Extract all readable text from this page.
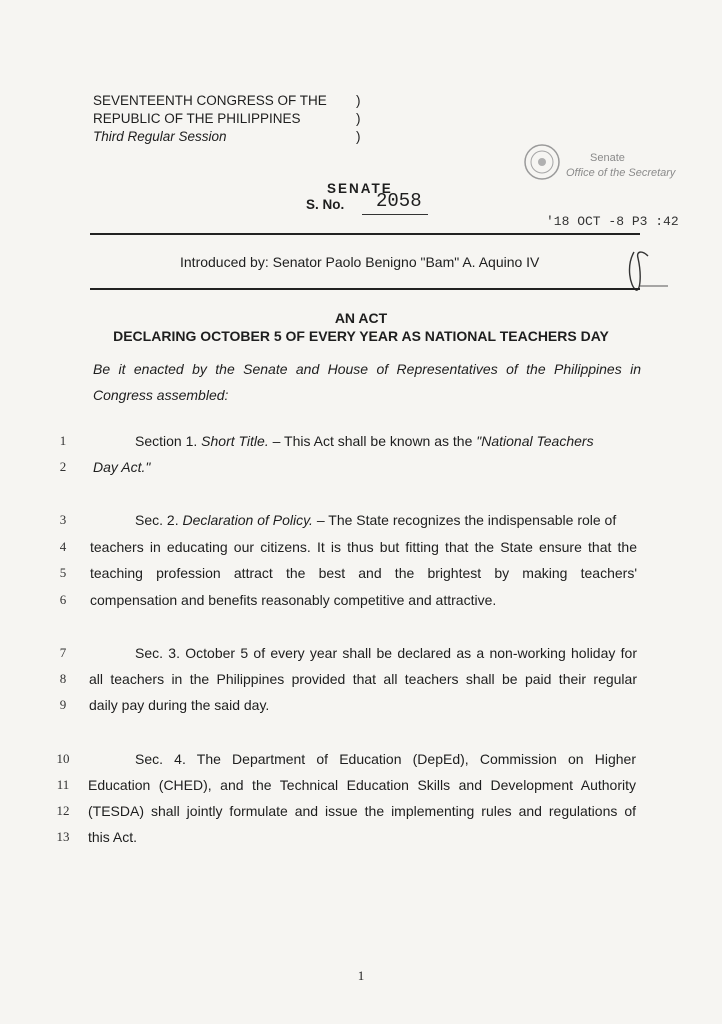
SEVENTEENTH CONGRESS OF THE
REPUBLIC OF THE PHILIPPINES
Third Regular Session
)
)
)
Senate
Office of the Secretary
SENATE
S. No. 2058
'18 OCT -8 P3 :42
Introduced by: Senator Paolo Benigno "Bam" A. Aquino IV
AN ACT
DECLARING OCTOBER 5 OF EVERY YEAR AS NATIONAL TEACHERS DAY
Be it enacted by the Senate and House of Representatives of the Philippines in
Congress assembled:
1
2
3
4
5
6
7
8
9
10
11
12
13
Section 1. Short Title. – This Act shall be known as the "National Teachers
Day Act."
Sec. 2. Declaration of Policy. – The State recognizes the indispensable role of
teachers in educating our citizens. It is thus but fitting that the State ensure that the
teaching profession attract the best and the brightest by making teachers'
compensation and benefits reasonably competitive and attractive.
Sec. 3. October 5 of every year shall be declared as a non-working holiday for
all teachers in the Philippines provided that all teachers shall be paid their regular
daily pay during the said day.
Sec. 4. The Department of Education (DepEd), Commission on Higher
Education (CHED), and the Technical Education Skills and Development Authority
(TESDA) shall jointly formulate and issue the implementing rules and regulations of
this Act.
1
